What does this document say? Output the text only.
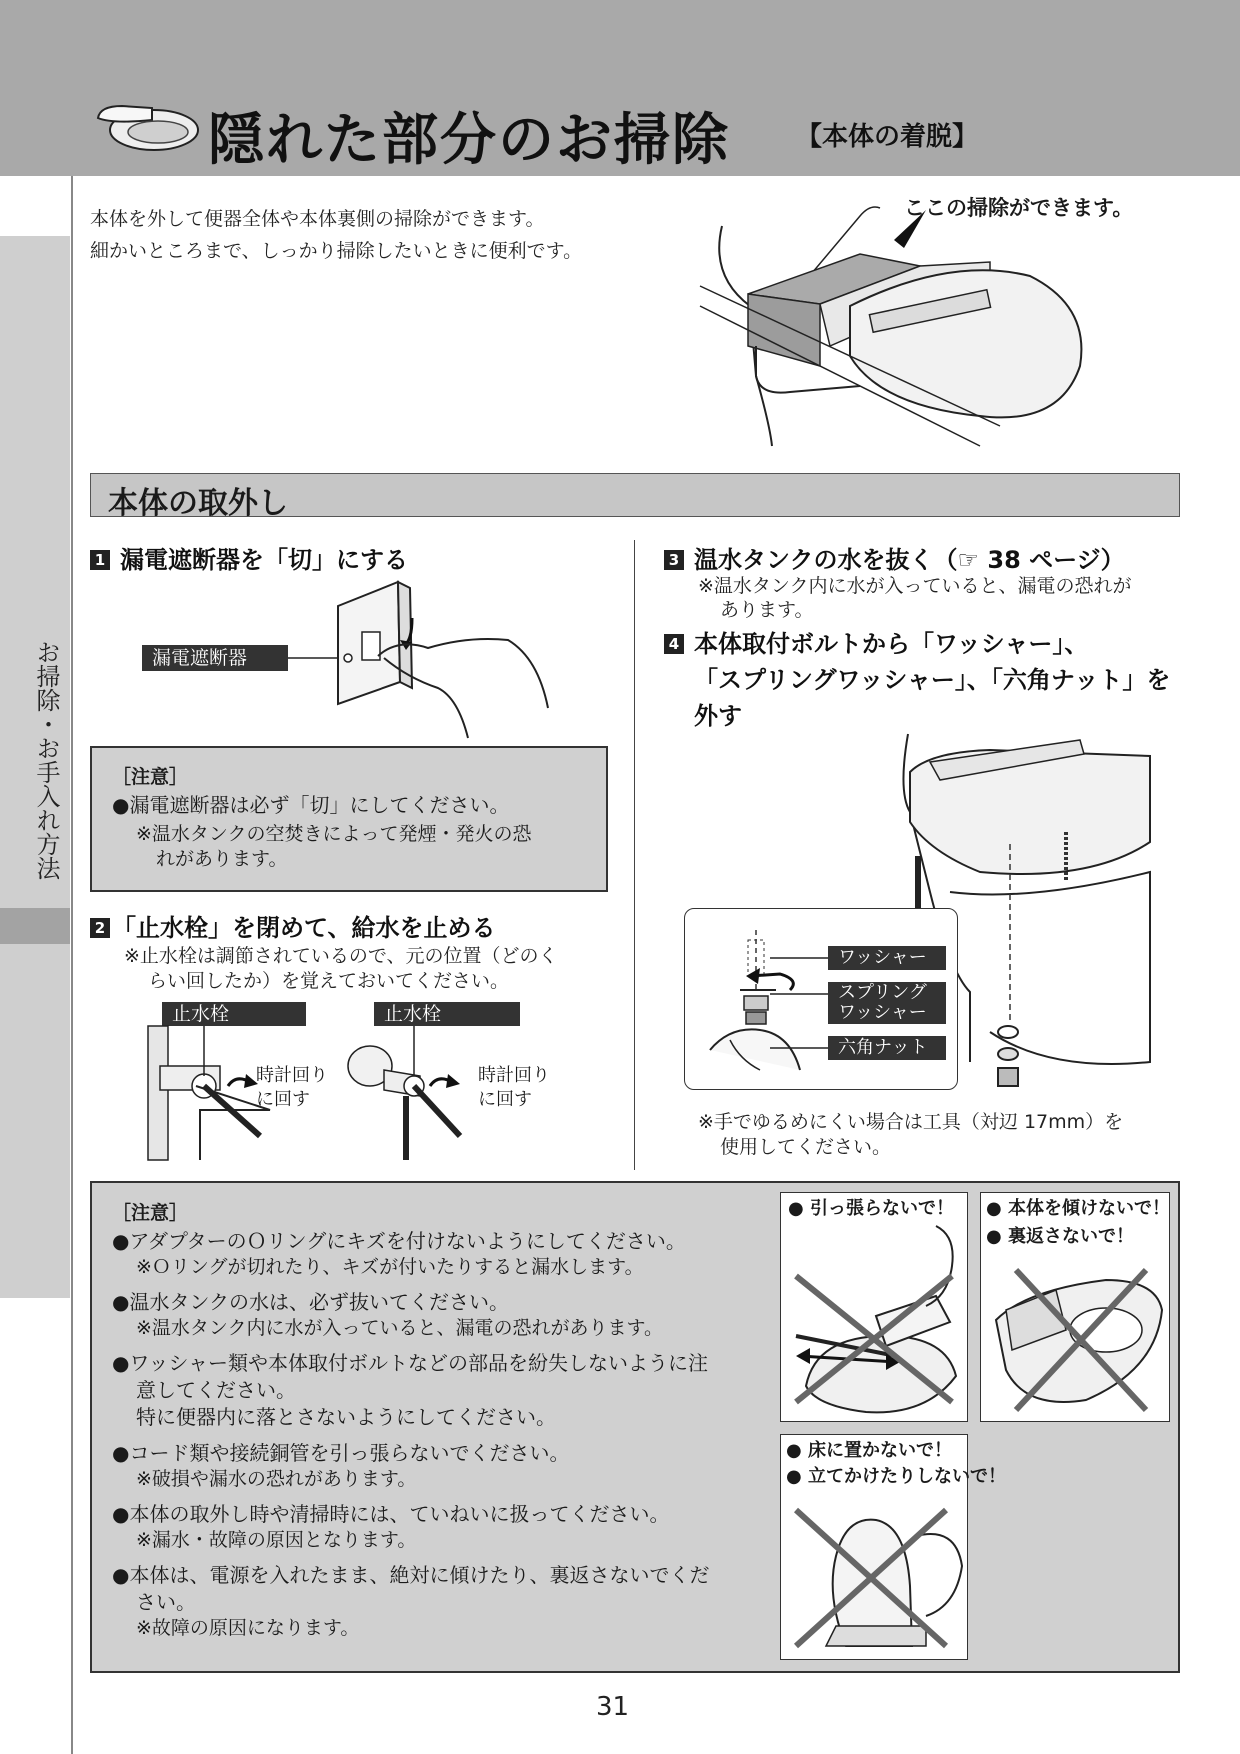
隠れた部分のお掃除	【本体の着脱】
お掃除・お手入れ方法
本体を外して便器全体や本体裏側の掃除ができます。
細かいところまで、しっかり掃除したいときに便利です。
ここの掃除ができます。
本体の取外し
1 漏電遮断器を「切」にする
漏電遮断器
［注意］
●漏電遮断器は必ず「切」にしてください。
※温水タンクの空焚きによって発煙・発火の恐
れがあります。
2 「止水栓」を閉めて、給水を止める
※止水栓は調節されているので、元の位置（どのく
らい回したか）を覚えておいてください。
止水栓	止水栓
時計回り
に回す
時計回り
に回す
3 温水タンクの水を抜く（☞ 38 ページ）
※温水タンク内に水が入っていると、漏電の恐れが
あります。
4 本体取付ボルトから「ワッシャー」、
「スプリングワッシャー」、「六角ナット」を
外す
ワッシャー
スプリング
ワッシャー
六角ナット
※手でゆるめにくい場合は工具（対辺 17mm）を
使用してください。
［注意］
●アダプターのＯリングにキズを付けないようにしてください。
※Ｏリングが切れたり、キズが付いたりすると漏水します。
●温水タンクの水は、必ず抜いてください。
※温水タンク内に水が入っていると、漏電の恐れがあります。
●ワッシャー類や本体取付ボルトなどの部品を紛失しないように注
意してください。
特に便器内に落とさないようにしてください。
●コード類や接続銅管を引っ張らないでください。
※破損や漏水の恐れがあります。
●本体の取外し時や清掃時には、ていねいに扱ってください。
※漏水・故障の原因となります。
●本体は、電源を入れたまま、絶対に傾けたり、裏返さないでくだ
さい。
※故障の原因になります。
● 引っ張らないで！ ● 本体を傾けないで！
● 裏返さないで！
● 床に置かないで！
● 立てかけたりしないで！
31
